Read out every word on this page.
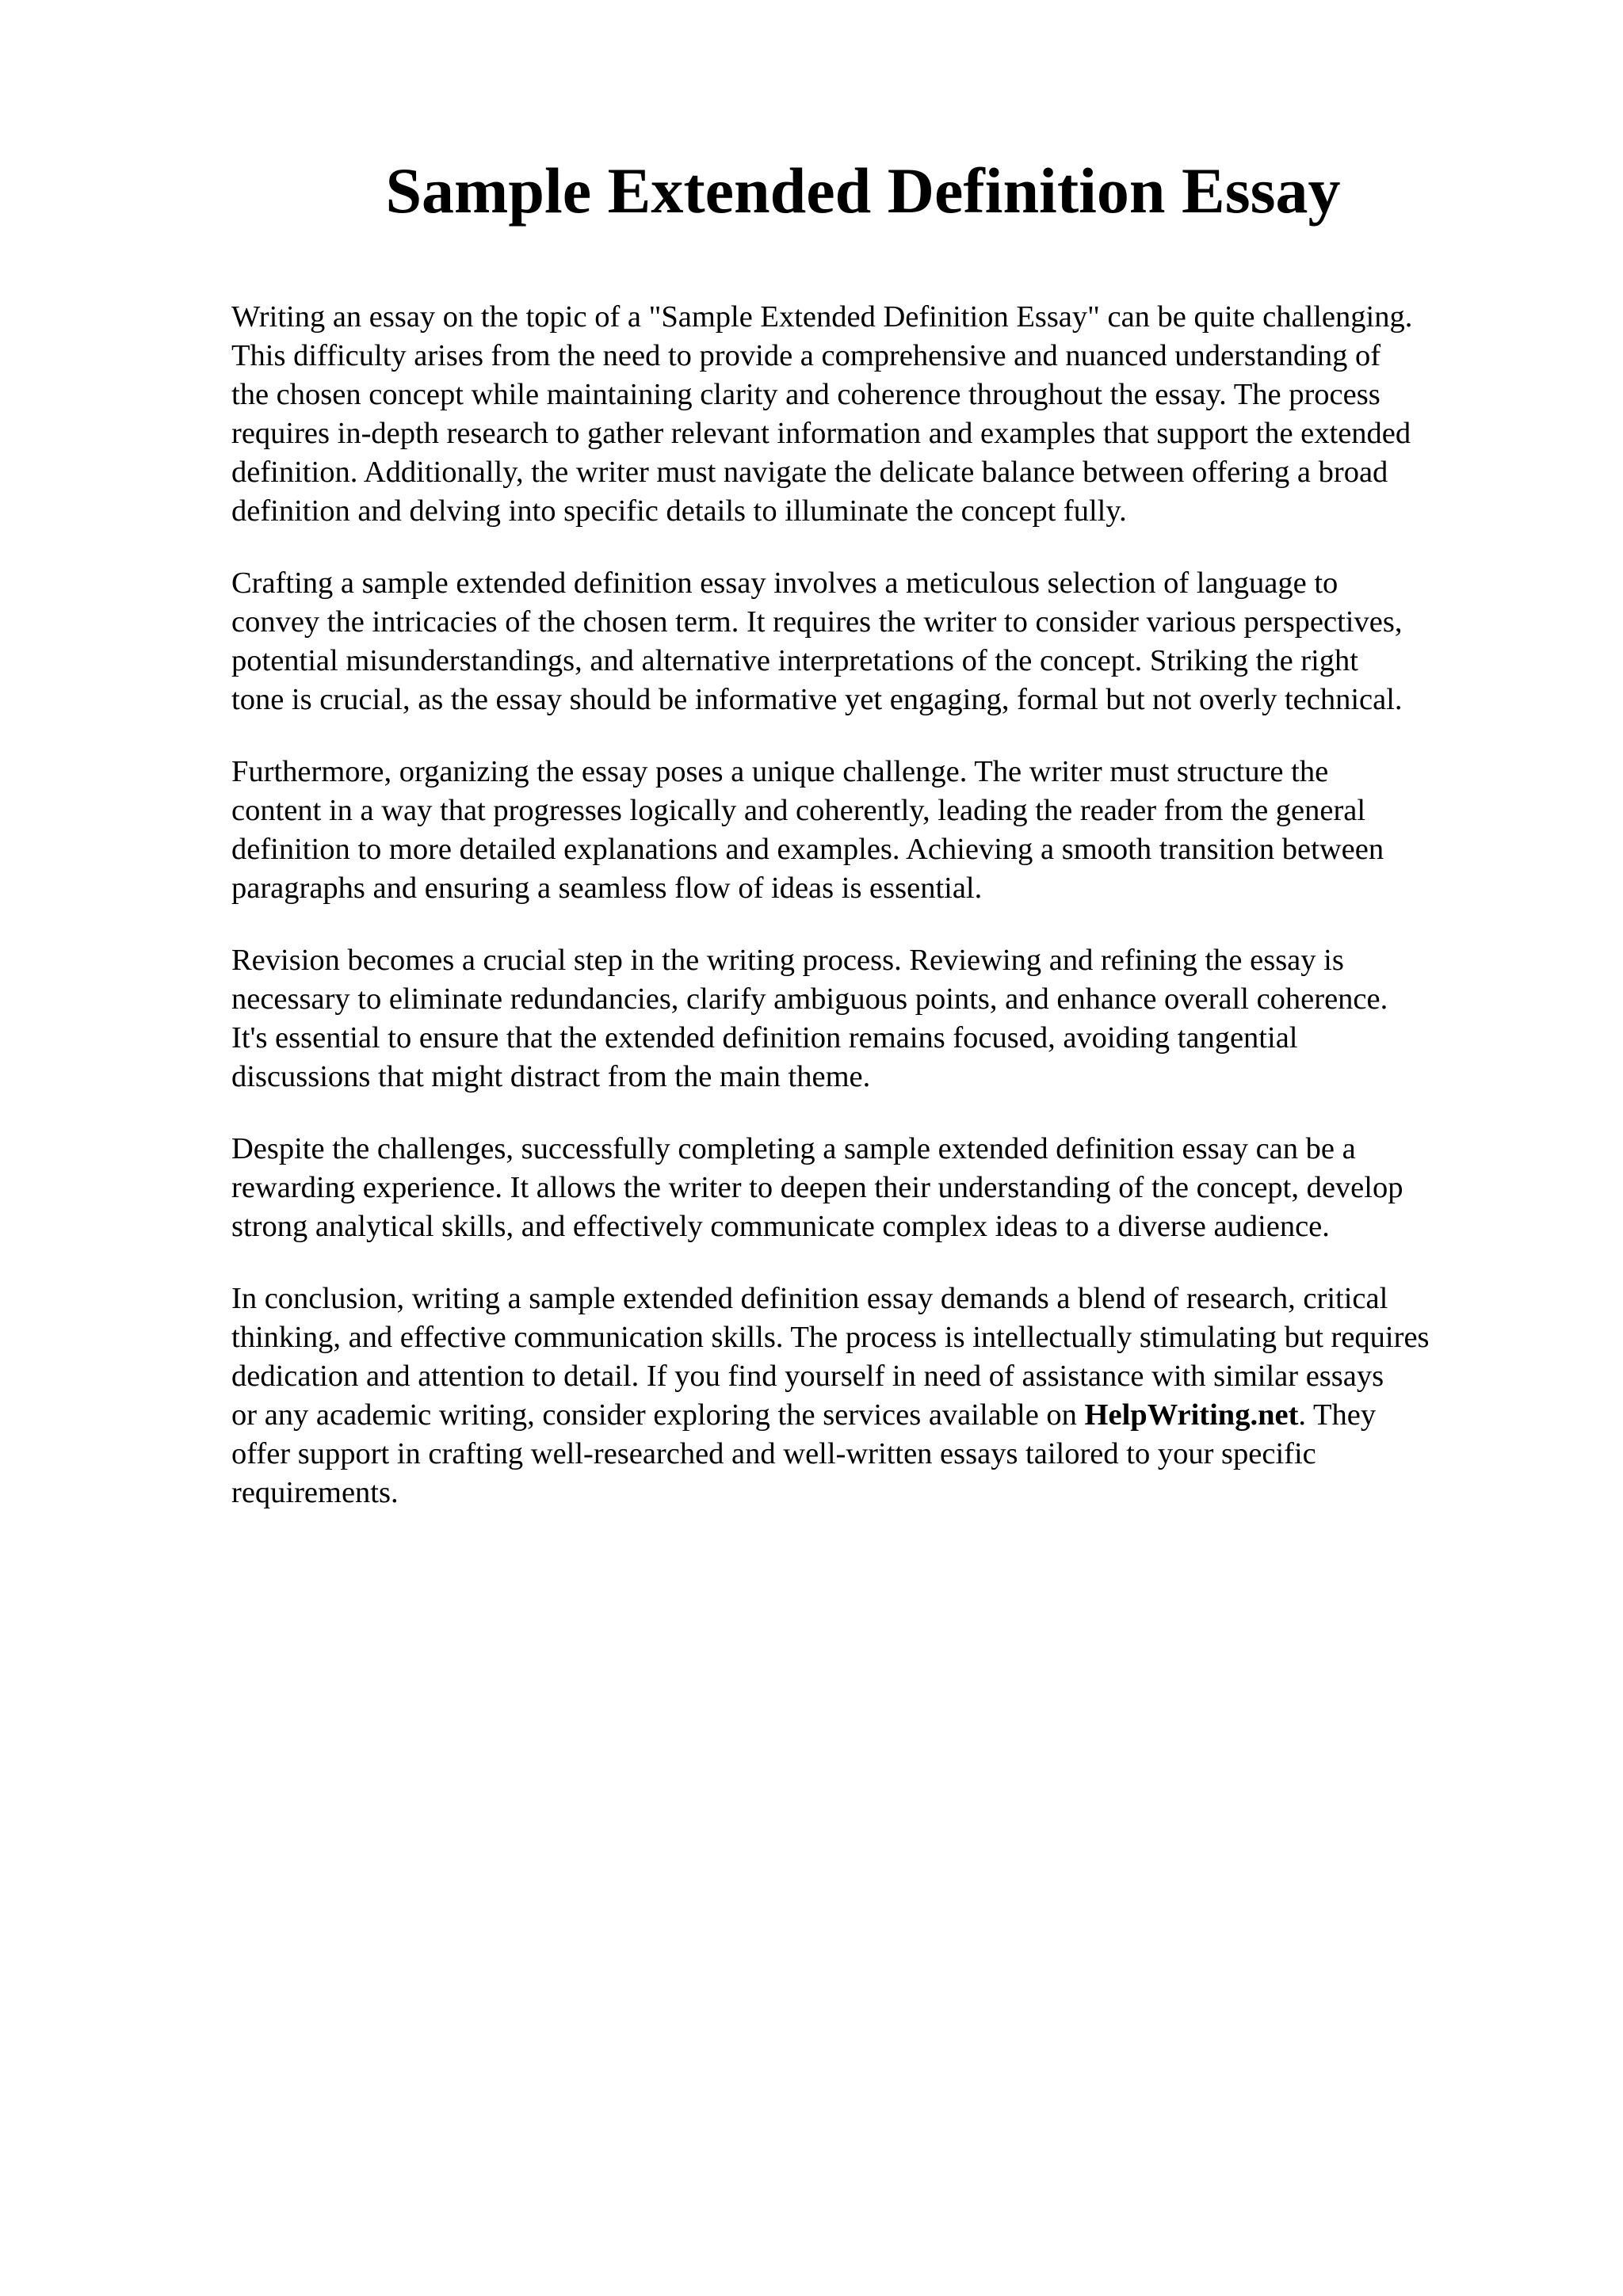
Sample Extended Definition Essay
Writing an essay on the topic of a "Sample Extended Definition Essay" can be quite challenging.
This difficulty arises from the need to provide a comprehensive and nuanced understanding of
the chosen concept while maintaining clarity and coherence throughout the essay. The process
requires in-depth research to gather relevant information and examples that support the extended
definition. Additionally, the writer must navigate the delicate balance between offering a broad
definition and delving into specific details to illuminate the concept fully.
Crafting a sample extended definition essay involves a meticulous selection of language to
convey the intricacies of the chosen term. It requires the writer to consider various perspectives,
potential misunderstandings, and alternative interpretations of the concept. Striking the right
tone is crucial, as the essay should be informative yet engaging, formal but not overly technical.
Furthermore, organizing the essay poses a unique challenge. The writer must structure the
content in a way that progresses logically and coherently, leading the reader from the general
definition to more detailed explanations and examples. Achieving a smooth transition between
paragraphs and ensuring a seamless flow of ideas is essential.
Revision becomes a crucial step in the writing process. Reviewing and refining the essay is
necessary to eliminate redundancies, clarify ambiguous points, and enhance overall coherence.
It's essential to ensure that the extended definition remains focused, avoiding tangential
discussions that might distract from the main theme.
Despite the challenges, successfully completing a sample extended definition essay can be a
rewarding experience. It allows the writer to deepen their understanding of the concept, develop
strong analytical skills, and effectively communicate complex ideas to a diverse audience.
In conclusion, writing a sample extended definition essay demands a blend of research, critical
thinking, and effective communication skills. The process is intellectually stimulating but requires
dedication and attention to detail. If you find yourself in need of assistance with similar essays
or any academic writing, consider exploring the services available on HelpWriting.net. They
offer support in crafting well-researched and well-written essays tailored to your specific
requirements.
